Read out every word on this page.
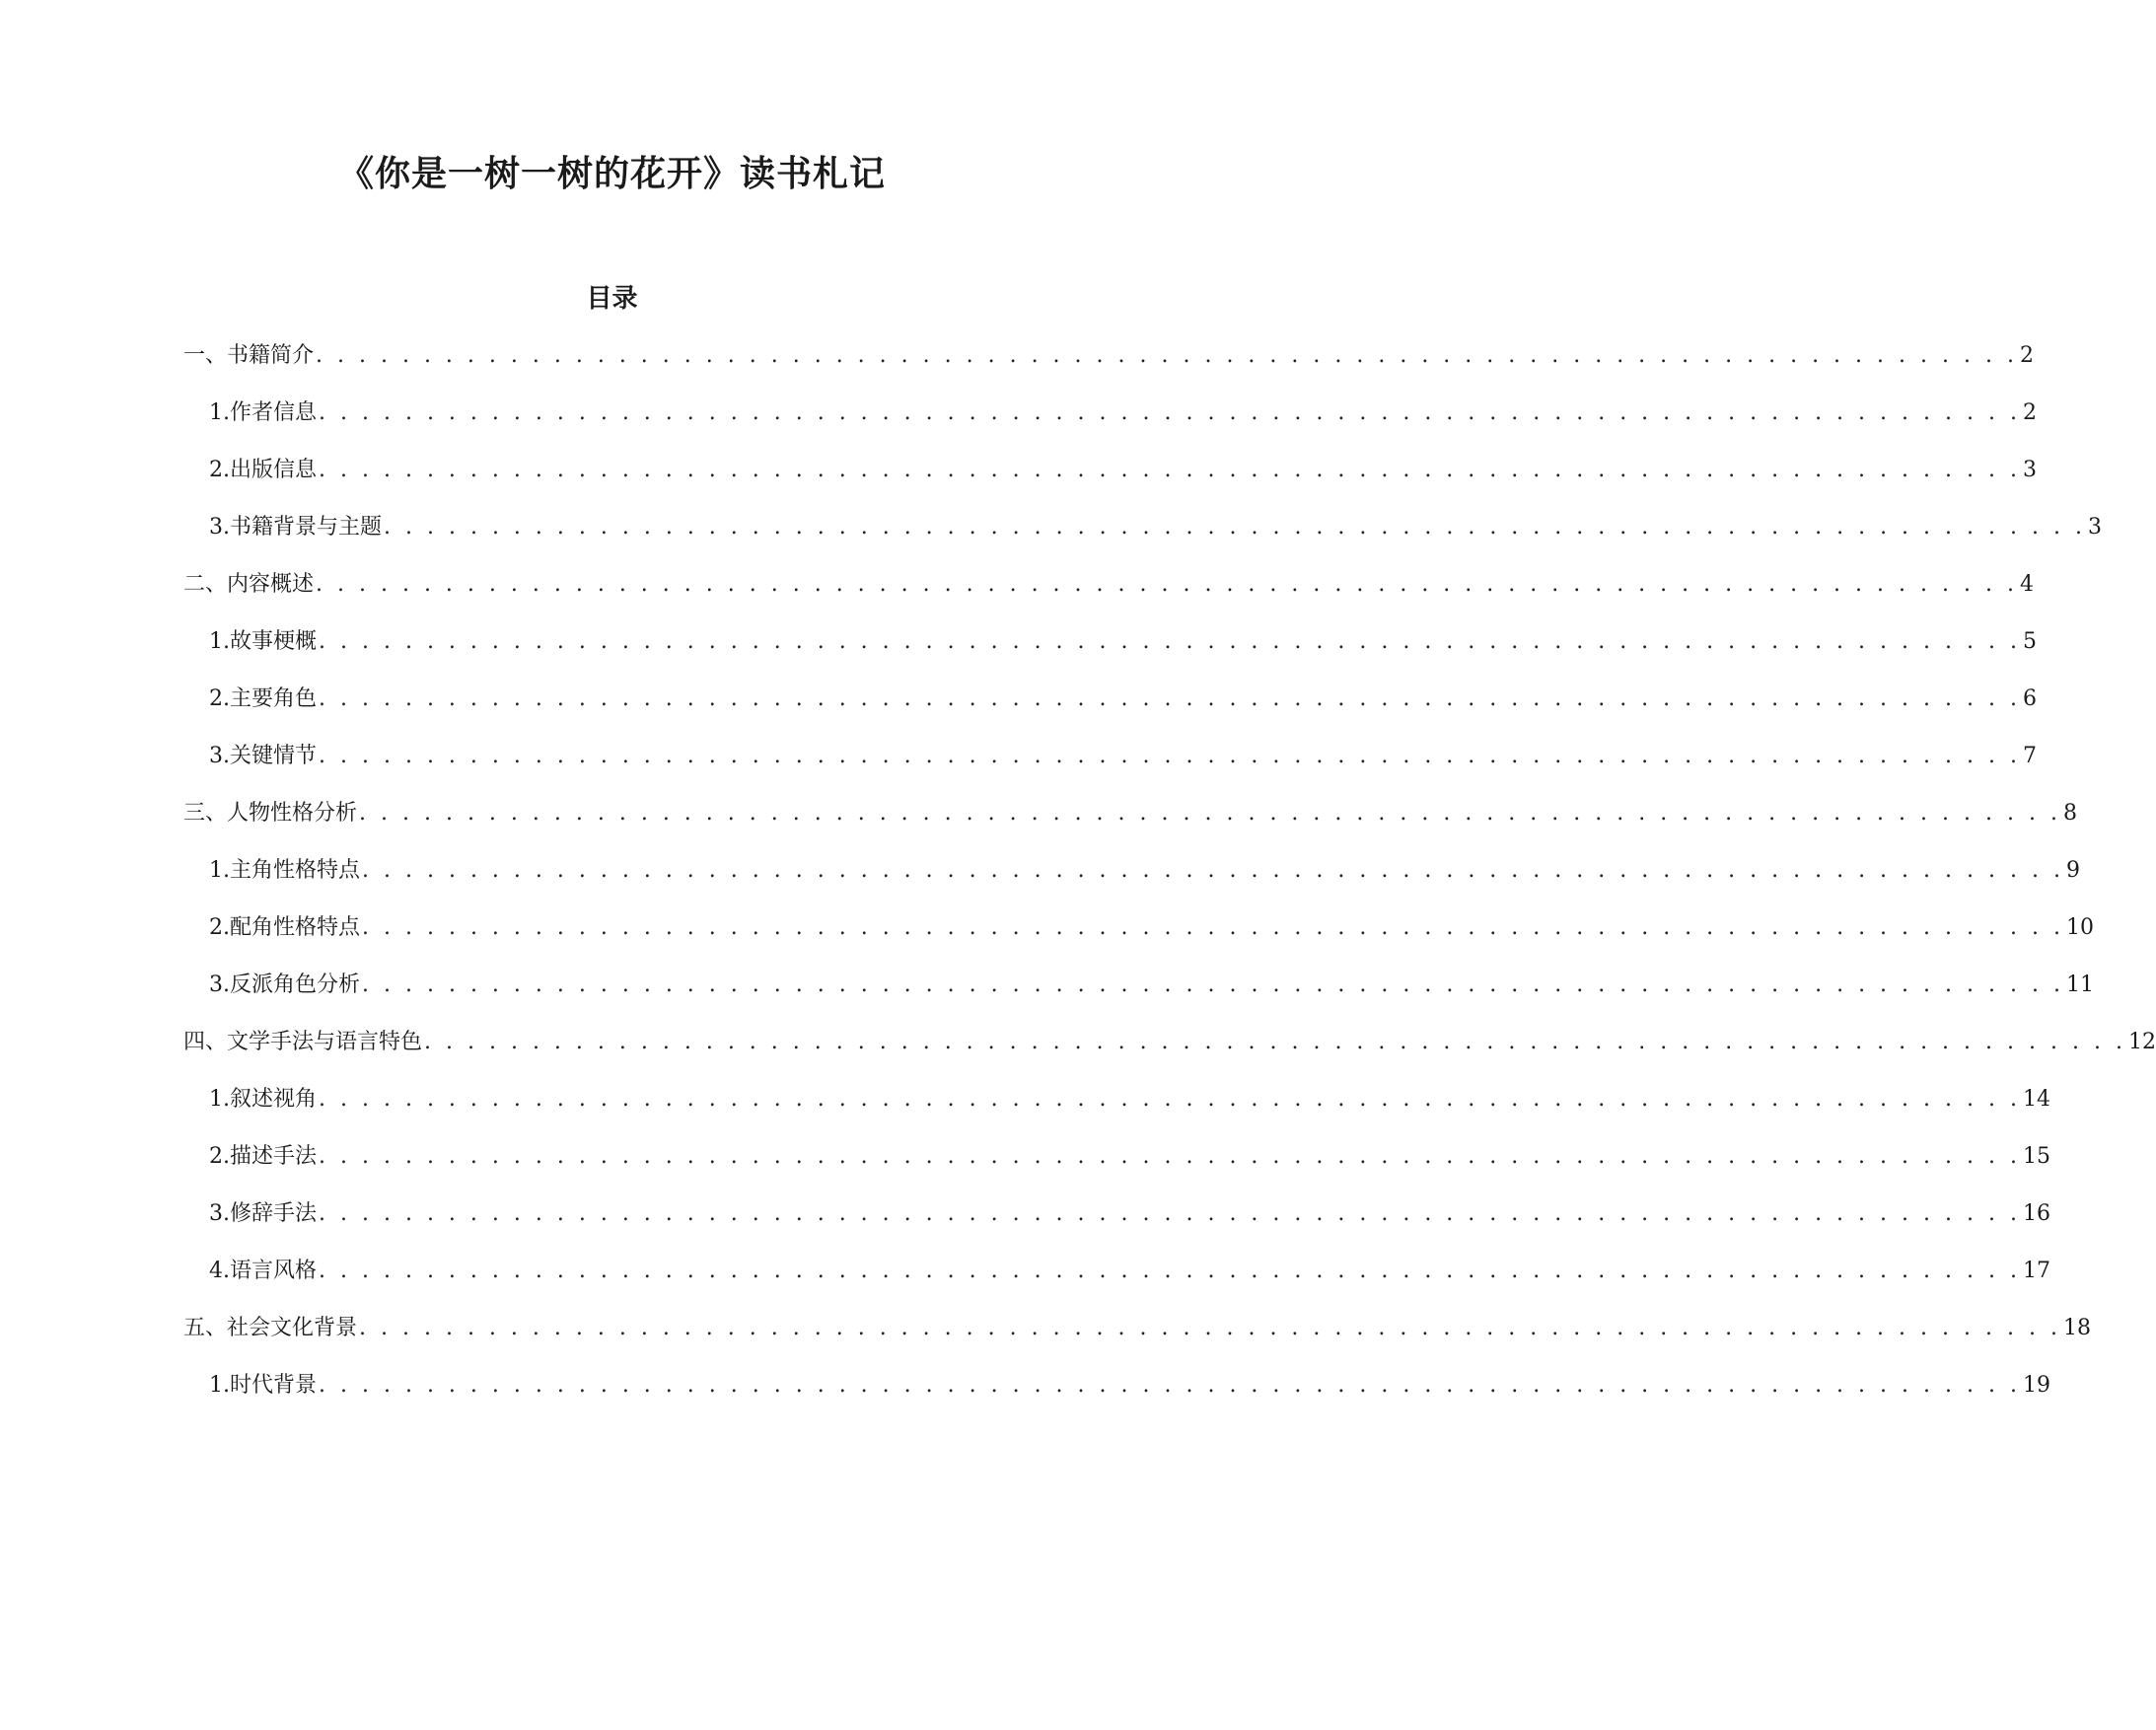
《你是一树一树的花开》读书札记
目录
一、书籍简介 . . . . . . . . . . . . . . . . . . . . . . . . . . . . . . . . . . . . . . . . . . . . . . . . . . . . . . . . . . . . . . . . . . . . . . . . . . . . . . . 2
1. 作者信息 . . . . . . . . . . . . . . . . . . . . . . . . . . . . . . . . . . . . . . . . . . . . . . . . . . . . . . . . . . . . . . . . . . . . . . . . . . . . . . . 2
2. 出版信息 . . . . . . . . . . . . . . . . . . . . . . . . . . . . . . . . . . . . . . . . . . . . . . . . . . . . . . . . . . . . . . . . . . . . . . . . . . . . . . . 3
3. 书籍背景与主题 . . . . . . . . . . . . . . . . . . . . . . . . . . . . . . . . . . . . . . . . . . . . . . . . . . . . . . . . . . . . . . . . . . . . . . . . . . . . . . . 3
二、内容概述 . . . . . . . . . . . . . . . . . . . . . . . . . . . . . . . . . . . . . . . . . . . . . . . . . . . . . . . . . . . . . . . . . . . . . . . . . . . . . . . 4
1. 故事梗概 . . . . . . . . . . . . . . . . . . . . . . . . . . . . . . . . . . . . . . . . . . . . . . . . . . . . . . . . . . . . . . . . . . . . . . . . . . . . . . . 5
2. 主要角色 . . . . . . . . . . . . . . . . . . . . . . . . . . . . . . . . . . . . . . . . . . . . . . . . . . . . . . . . . . . . . . . . . . . . . . . . . . . . . . . 6
3. 关键情节 . . . . . . . . . . . . . . . . . . . . . . . . . . . . . . . . . . . . . . . . . . . . . . . . . . . . . . . . . . . . . . . . . . . . . . . . . . . . . . . 7
三、人物性格分析 . . . . . . . . . . . . . . . . . . . . . . . . . . . . . . . . . . . . . . . . . . . . . . . . . . . . . . . . . . . . . . . . . . . . . . . . . . . . . . . 8
1. 主角性格特点 . . . . . . . . . . . . . . . . . . . . . . . . . . . . . . . . . . . . . . . . . . . . . . . . . . . . . . . . . . . . . . . . . . . . . . . . . . . . . . . 9
2. 配角性格特点 . . . . . . . . . . . . . . . . . . . . . . . . . . . . . . . . . . . . . . . . . . . . . . . . . . . . . . . . . . . . . . . . . . . . . . . . . . . . . . . 10
3. 反派角色分析 . . . . . . . . . . . . . . . . . . . . . . . . . . . . . . . . . . . . . . . . . . . . . . . . . . . . . . . . . . . . . . . . . . . . . . . . . . . . . . . 11
四、文学手法与语言特色 . . . . . . . . . . . . . . . . . . . . . . . . . . . . . . . . . . . . . . . . . . . . . . . . . . . . . . . . . . . . . . . . . . . . . . . . . . . . . . . 12
1. 叙述视角 . . . . . . . . . . . . . . . . . . . . . . . . . . . . . . . . . . . . . . . . . . . . . . . . . . . . . . . . . . . . . . . . . . . . . . . . . . . . . . . 14
2. 描述手法 . . . . . . . . . . . . . . . . . . . . . . . . . . . . . . . . . . . . . . . . . . . . . . . . . . . . . . . . . . . . . . . . . . . . . . . . . . . . . . . 15
3. 修辞手法 . . . . . . . . . . . . . . . . . . . . . . . . . . . . . . . . . . . . . . . . . . . . . . . . . . . . . . . . . . . . . . . . . . . . . . . . . . . . . . . 16
4. 语言风格 . . . . . . . . . . . . . . . . . . . . . . . . . . . . . . . . . . . . . . . . . . . . . . . . . . . . . . . . . . . . . . . . . . . . . . . . . . . . . . . 17
五、社会文化背景 . . . . . . . . . . . . . . . . . . . . . . . . . . . . . . . . . . . . . . . . . . . . . . . . . . . . . . . . . . . . . . . . . . . . . . . . . . . . . . . 18
1. 时代背景 . . . . . . . . . . . . . . . . . . . . . . . . . . . . . . . . . . . . . . . . . . . . . . . . . . . . . . . . . . . . . . . . . . . . . . . . . . . . . . . 19
